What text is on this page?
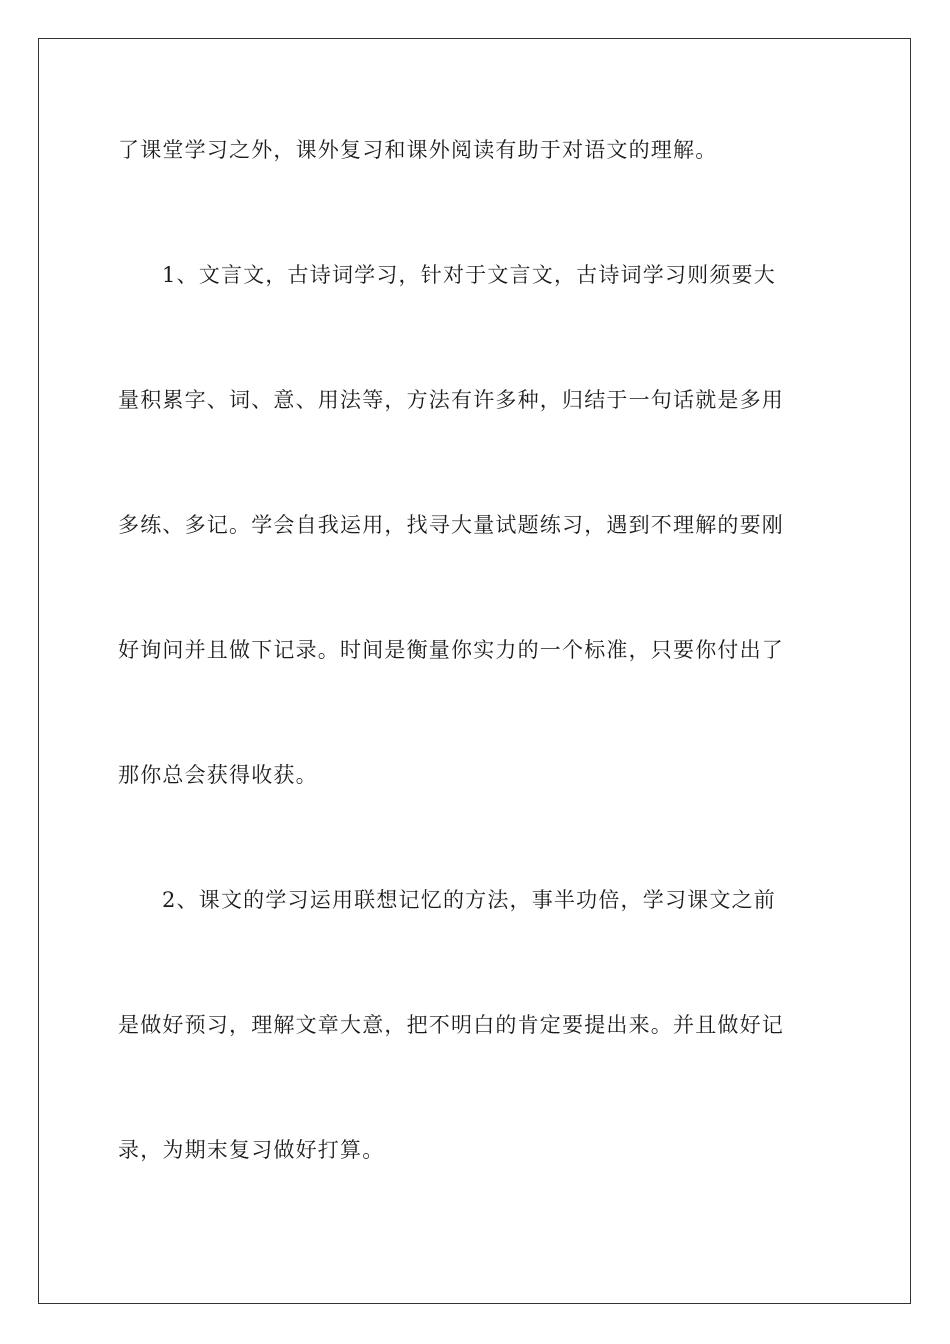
了课堂学习之外，课外复习和课外阅读有助于对语文的理解。
1、文言文，古诗词学习，针对于文言文，古诗词学习则须要大
量积累字、词、意、用法等，方法有许多种，归结于一句话就是多用
多练、多记。学会自我运用，找寻大量试题练习，遇到不理解的要刚
好询问并且做下记录。时间是衡量你实力的一个标准，只要你付出了
那你总会获得收获。
2、课文的学习运用联想记忆的方法，事半功倍，学习课文之前
是做好预习，理解文章大意，把不明白的肯定要提出来。并且做好记
录，为期末复习做好打算。
